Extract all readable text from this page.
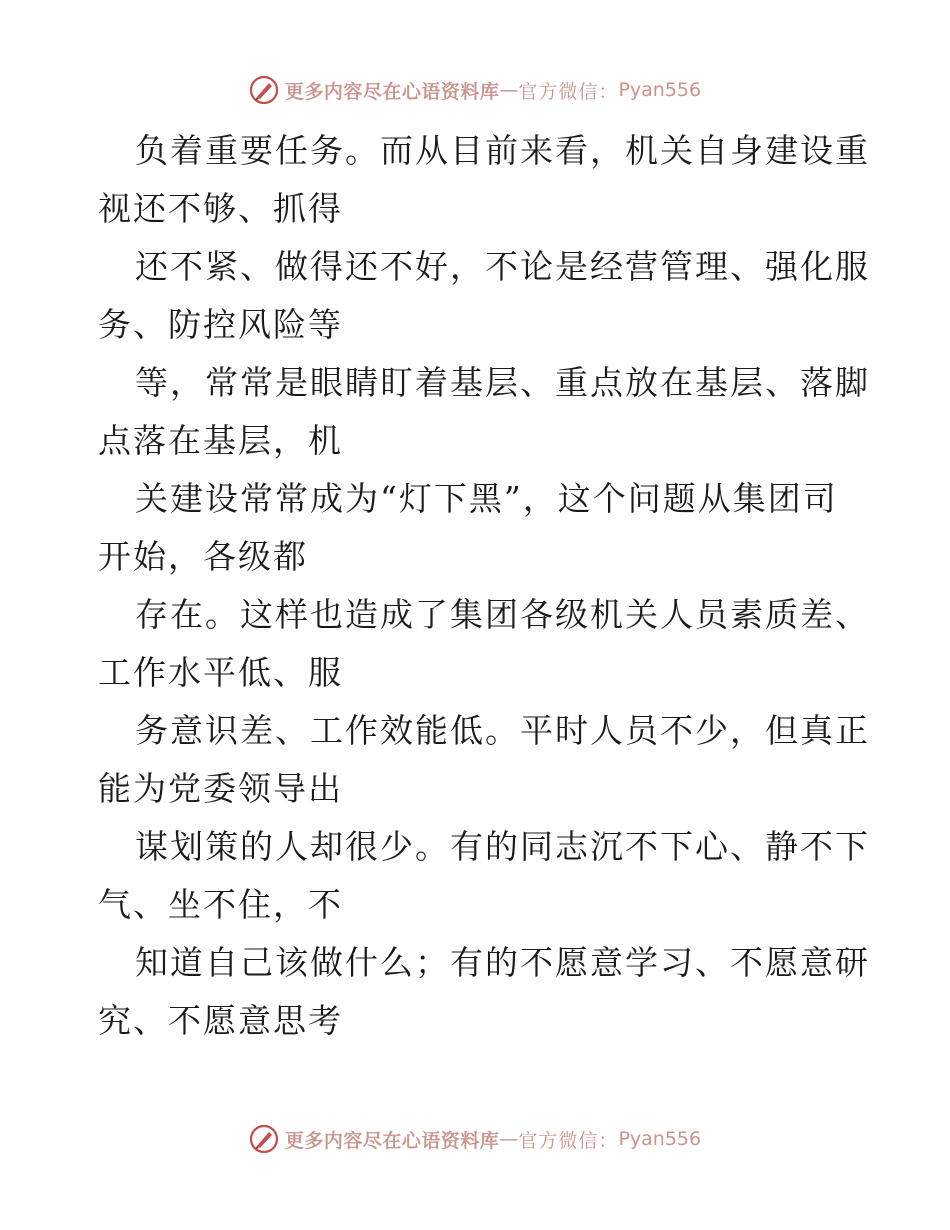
更多内容尽在心语资料库 — 官方微信： Pyan556
负着重要任务。而从目前来看，机关自身建设重
视还不够、抓得
还不紧、做得还不好，不论是经营管理、强化服
务、防控风险等
等，常常是眼睛盯着基层、重点放在基层、落脚
点落在基层，机
关建设常常成为“灯下黑”，这个问题从集团司
开始，各级都
存在。这样也造成了集团各级机关人员素质差、
工作水平低、服
务意识差、工作效能低。平时人员不少，但真正
能为党委领导出
谋划策的人却很少。有的同志沉不下心、静不下
气、坐不住，不
知道自己该做什么；有的不愿意学习、不愿意研
究、不愿意思考
更多内容尽在心语资料库 — 官方微信： Pyan556
